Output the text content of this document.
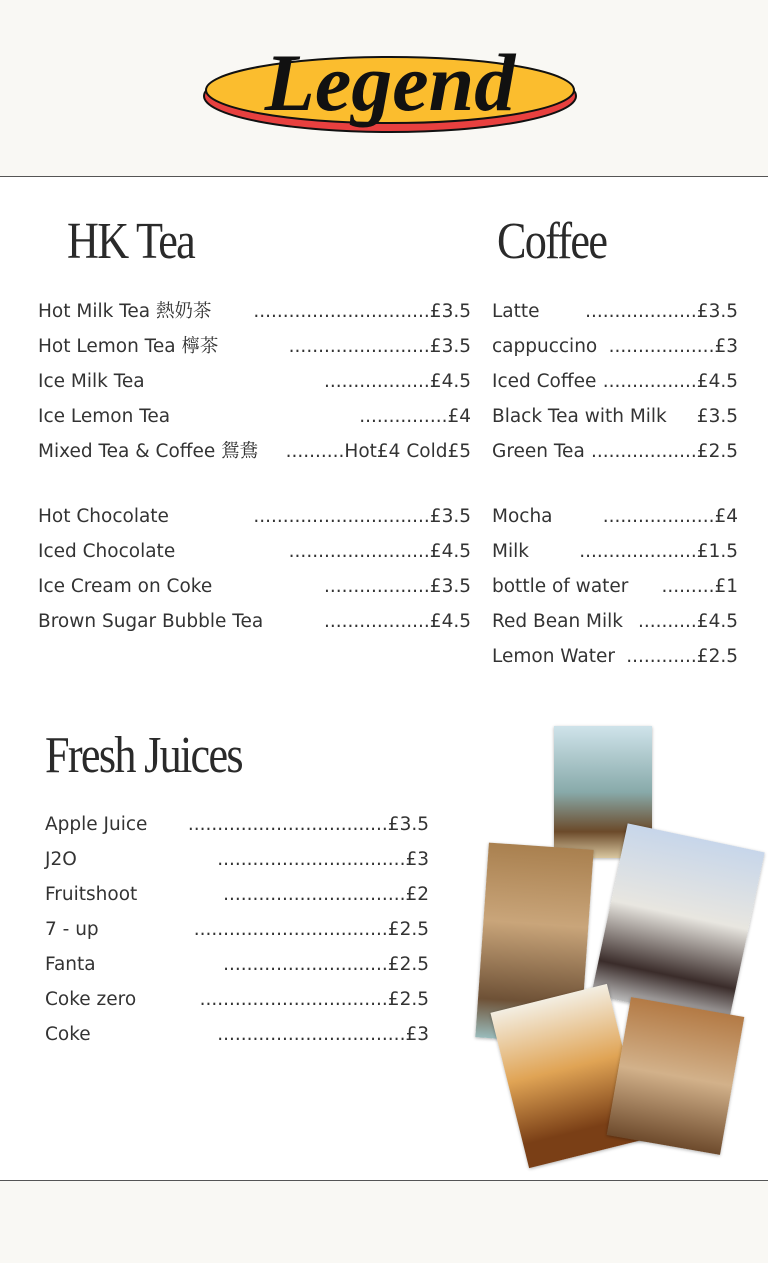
Legend
HK Tea	Coffee
Fresh Juices
Hot Milk Tea 熱奶茶 ..............................£3.5
Hot Lemon Tea 檸茶	........................£3.5
Ice Milk Tea	..................£4.5
Ice Lemon Tea	...............£4
Mixed Tea & Coffee 鴛鴦 ..........Hot£4 Cold£5
Hot Chocolate	..............................£3.5
Iced Chocolate	........................£4.5
Ice Cream on Coke	..................£3.5
Brown Sugar Bubble Tea	..................£4.5
Latte ...................£3.5
cappuccino ..................£3
Iced Coffee ................£4.5
Black Tea with Milk £3.5
Green Tea ..................£2.5
Mocha	...................£4
Milk	....................£1.5
bottle of water .........£1
Red Bean Milk ..........£4.5
Lemon Water ............£2.5
Apple Juice ..................................£3.5
J2O	................................£3
Fruitshoot	...............................£2
7 - up	.................................£2.5
Fanta	............................£2.5
Coke zero	................................£2.5
Coke	................................£3
